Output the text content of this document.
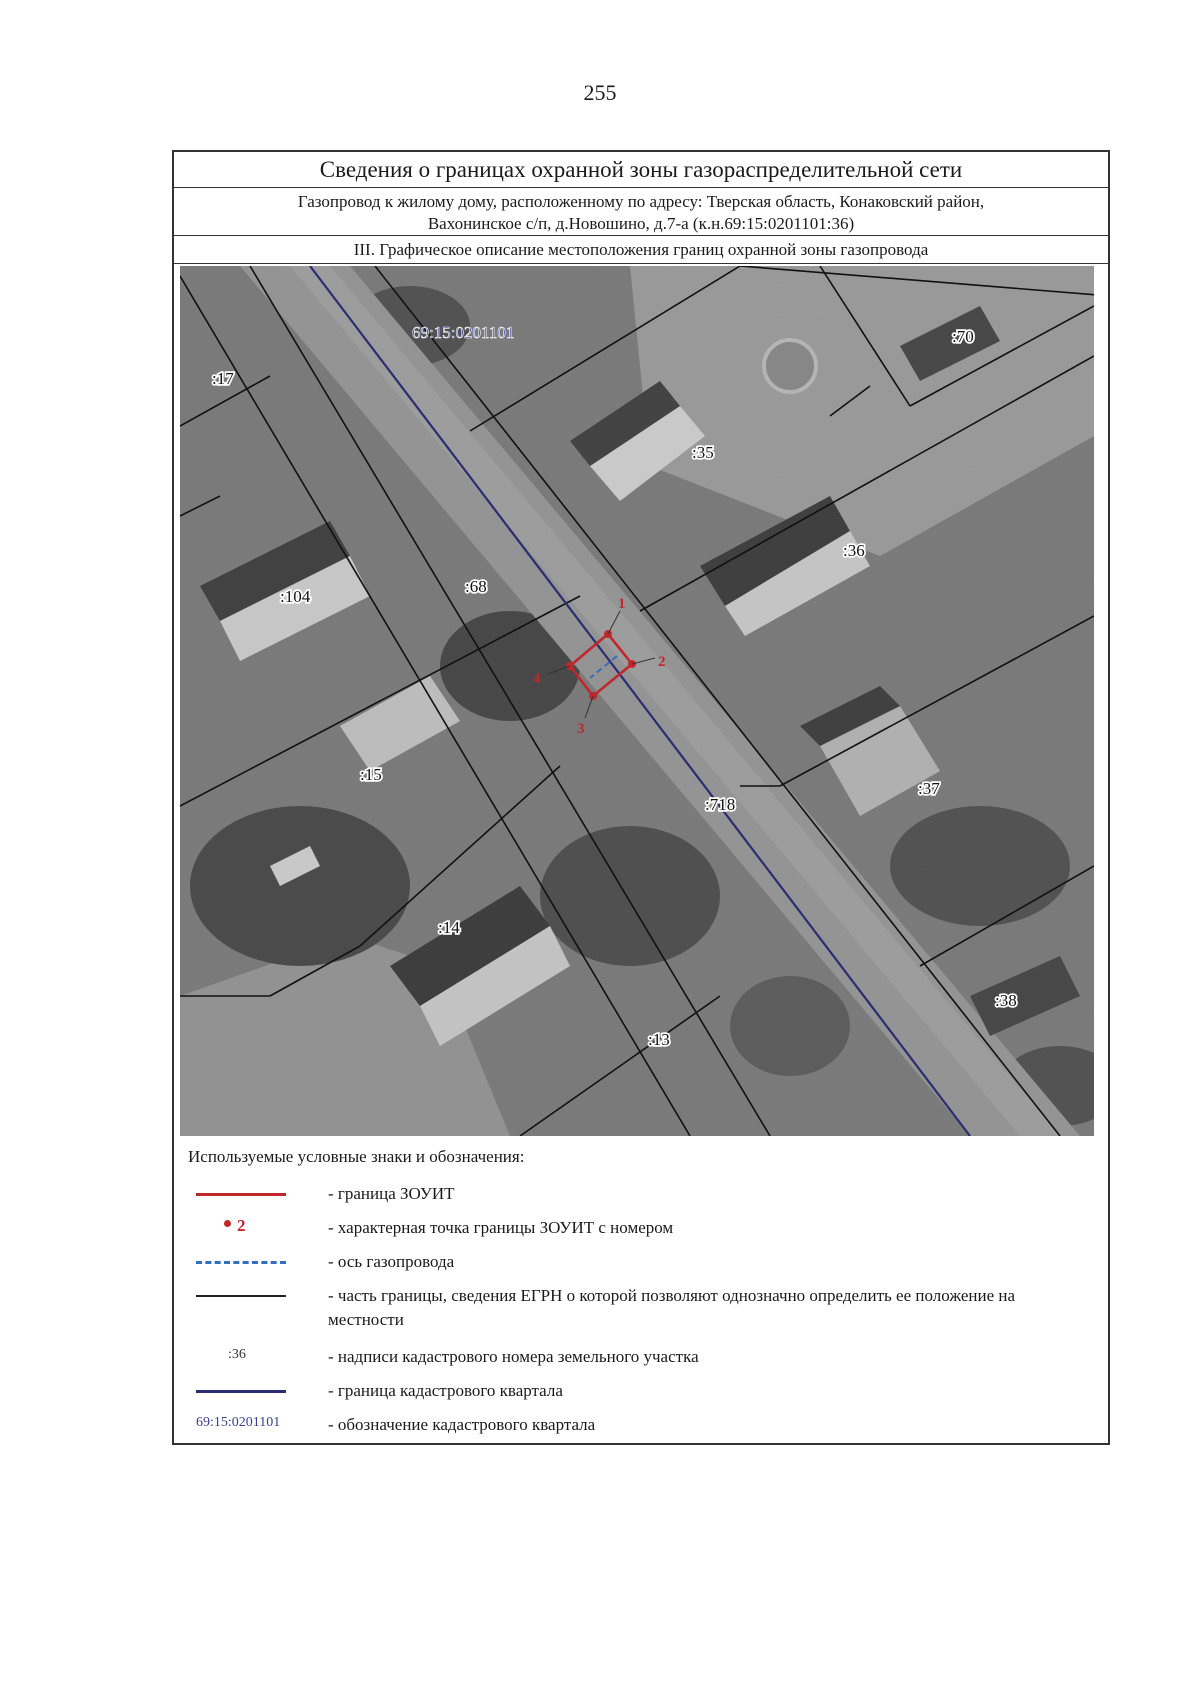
255
Сведения о границах охранной зоны газораспределительной сети
Газопровод к жилому дому, расположенному по адресу: Тверская область, Конаковский район,
Вахонинское с/п, д.Новошино, д.7-а (к.н.69:15:0201101:36)
III. Графическое описание местоположения границ охранной зоны газопровода
1
2
3
4
69:15:0201101
:17
:70
:35
:36
:104
:68
:15
:718
:37
:14
:38
:13
Используемые условные знаки и обозначения:
- граница ЗОУИТ
2	- характерная точка границы ЗОУИТ с номером
- ось газопровода
- часть границы, сведения ЕГРН о которой позволяют однозначно определить ее положение на местности
:36	- надписи кадастрового номера земельного участка
- граница кадастрового квартала
69:15:0201101	- обозначение кадастрового квартала
